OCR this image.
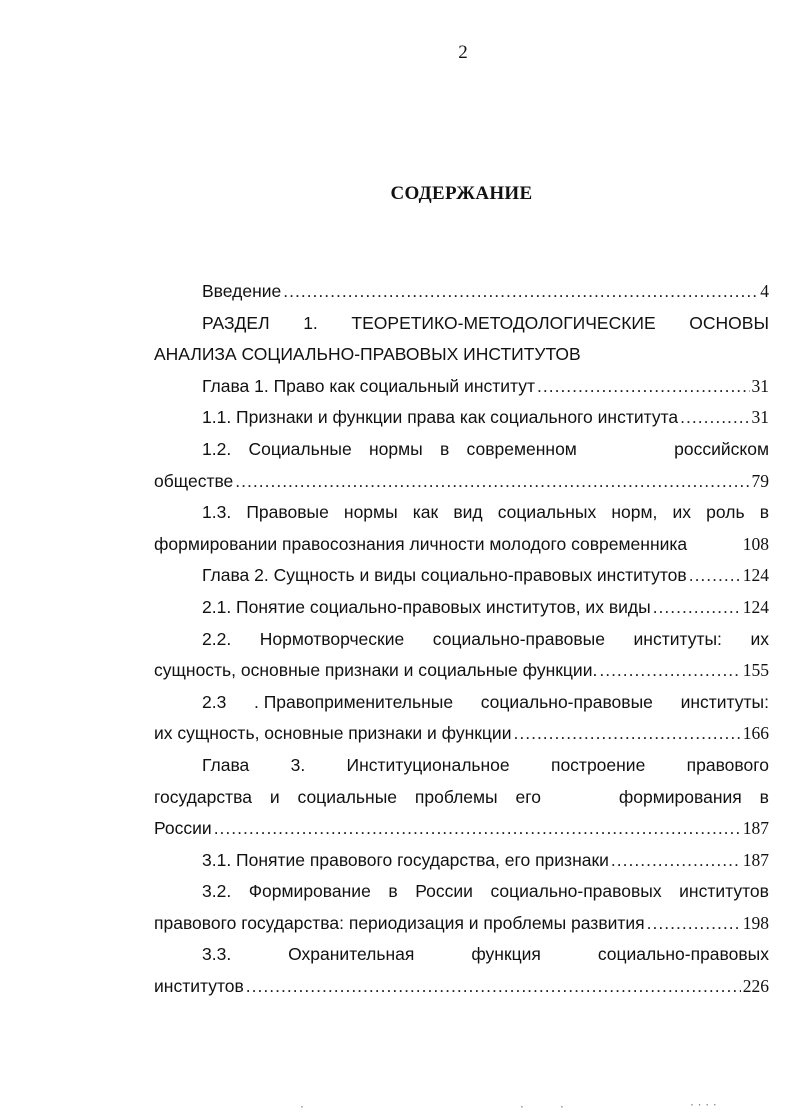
2
СОДЕРЖАНИЕ
Введение .....	4
РАЗДЕЛ 1. ТЕОРЕТИКО-МЕТОДОЛОГИЧЕСКИЕ ОСНОВЫ
АНАЛИЗА СОЦИАЛЬНО-ПРАВОВЫХ ИНСТИТУТОВ
Глава 1. Право как социальный институт .....	31
1.1. Признаки и функции права как социального института .....	31
1.2. Социальные нормы в современном	российском
обществе .....	79
1.3. Правовые нормы как вид социальных норм, их роль в
формировании правосознания личности молодого современника	108
Глава 2. Сущность и виды социально-правовых институтов .....	124
2.1. Понятие социально-правовых институтов, их виды .....	124
2.2. Нормотворческие социально-правовые институты: их
сущность, основные признаки и социальные функции. .....	155
2.3 . Правоприменительные социально-правовые институты:
их сущность, основные признаки и функции .....	166
Глава 3. Институциональное построение правового
государства и социальные проблемы его	формирования в
России .....	187
3.1. Понятие правового государства, его признаки .....	187
3.2. Формирование в России социально-правовых институтов
правового государства: периодизация и проблемы развития .....	198
3.3.	Охранительная	функция	социально-правовых
институтов .....	226
·	·	·	· · · ·
